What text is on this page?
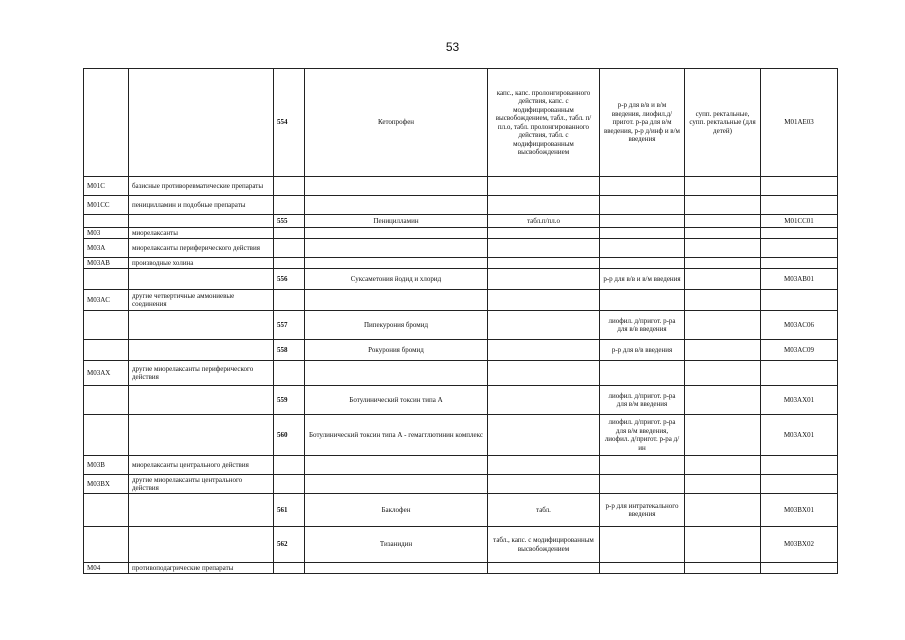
53
		554	Кетопрофен	капс., капс. пролонгированного действия, капс. с модифицированным высвобождением, табл., табл. п/пл.о, табл. пролонгированного действия, табл. с модифицированным высвобождением	р-р для в/в и в/м введения, лиофил.д/пригот. р-ра для в/м введения, р-р д/инф и в/м введения	супп. ректальные, супп. ректальные (для детей)	M01AE03
M01C	базисные противоревматические препараты						
M01CC	пеницилламин и подобные препараты						
		555	Пеницилламин	табл.п/пл.о			M01CC01
M03	миорелаксанты						
M03A	миорелаксанты периферического действия						
M03AB	производные холина						
		556	Суксаметония йодид и хлорид		р-р для в/в и в/м введения		M03AB01
M03AC	другие четвертичные аммониевые соединения						
		557	Пипекурония бромид		лиофил. д/пригот. р-ра для в/в введения		M03AC06
		558	Рокурония бромид		р-р для в/в введения		M03AC09
M03AX	другие миорелаксанты периферического действия						
		559	Ботулинический токсин типа А		лиофил. д/пригот. р-ра для в/м введения		M03AX01
		560	Ботулинический токсин типа А - гемагглютинин комплекс		лиофил. д/пригот. р-ра для в/м введения, лиофил. д/пригот. р-ра д/ин		M03AX01
M03B	миорелаксанты центрального действия						
M03BX	другие миорелаксанты центрального действия						
		561	Баклофен	табл.	р-р для интратекального введения		M03BX01
		562	Тизанидин	табл., капс. с модифицированным высвобождением			M03BX02
M04	противоподагрические препараты						
